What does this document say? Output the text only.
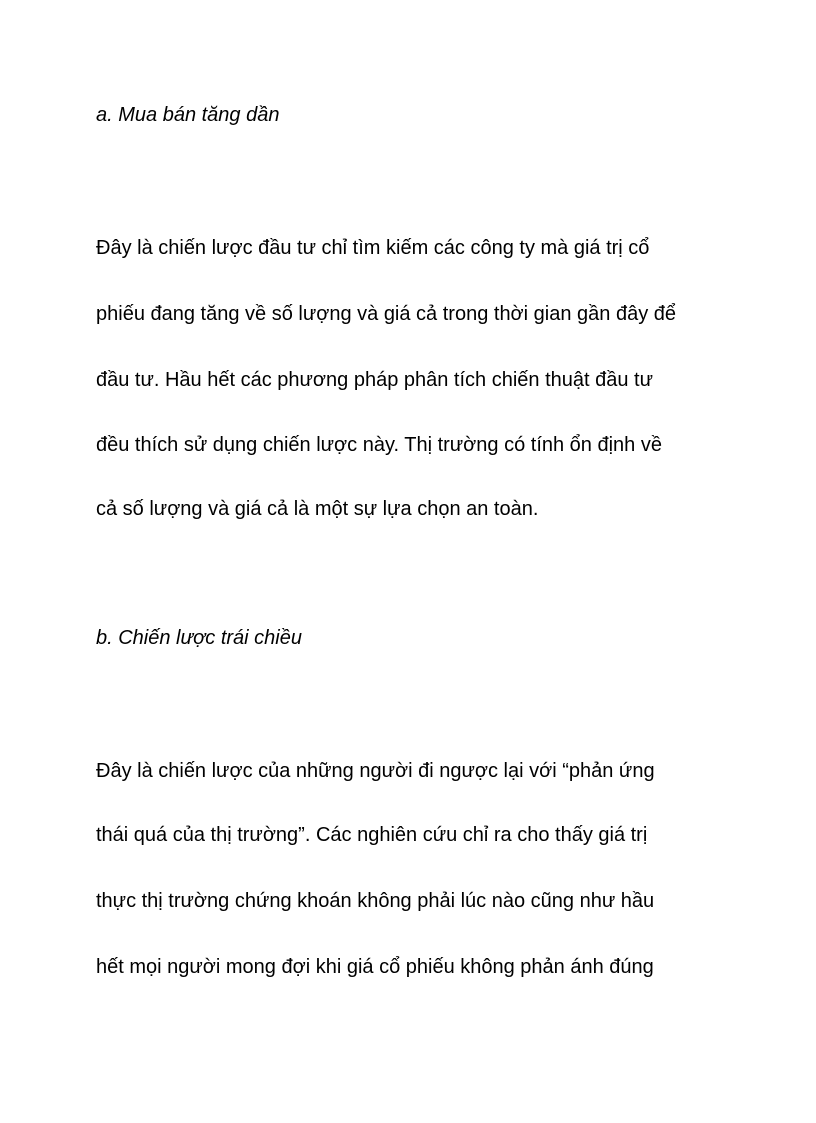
a. Mua bán tăng dần

Đây là chiến lược đầu tư chỉ tìm kiếm các công ty mà giá trị cổ

phiếu đang tăng về số lượng và giá cả trong thời gian gần đây để

đầu tư. Hầu hết các phương pháp phân tích chiến thuật đầu tư

đều thích sử dụng chiến lược này. Thị trường có tính ổn định về

cả số lượng và giá cả là một sự lựa chọn an toàn.

b. Chiến lược trái chiều

Đây là chiến lược của những người đi ngược lại với “phản ứng

thái quá của thị trường”. Các nghiên cứu chỉ ra cho thấy giá trị

thực thị trường chứng khoán không phải lúc nào cũng như hầu

hết mọi người mong đợi khi giá cổ phiếu không phản ánh đúng
